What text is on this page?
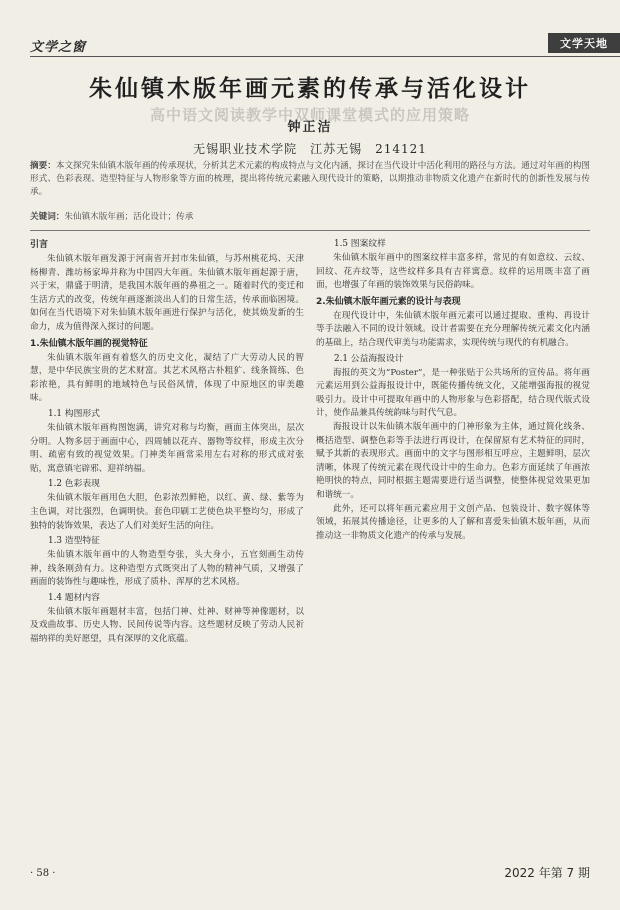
文学之窗	文学天地
朱仙镇木版年画元素的传承与活化设计
高中语文阅读教学中双师课堂模式的应用策略
钟正洁
无锡职业技术学院　江苏无锡　214121
摘要：本文探究朱仙镇木版年画的传承现状，分析其艺术元素的构成特点与文化内涵，探讨在当代设计中活化利用的路径与方法。通过对年画的构图形式、色彩表现、造型特征与人物形象等方面的梳理，提出将传统元素融入现代设计的策略，以期推动非物质文化遗产在新时代的创新性发展与传承。
关键词：朱仙镇木版年画；活化设计；传承
引言

朱仙镇木版年画发源于河南省开封市朱仙镇，与苏州桃花坞、天津杨柳青、潍坊杨家埠并称为中国四大年画。朱仙镇木版年画起源于唐，兴于宋，鼎盛于明清，是我国木版年画的鼻祖之一。随着时代的变迁和生活方式的改变，传统年画逐渐淡出人们的日常生活，传承面临困境。如何在当代语境下对朱仙镇木版年画进行保护与活化，使其焕发新的生命力，成为值得深入探讨的问题。

1.朱仙镇木版年画的视觉特征

朱仙镇木版年画有着悠久的历史文化，凝结了广大劳动人民的智慧，是中华民族宝贵的艺术财富。其艺术风格古朴粗犷、线条简练、色彩浓艳，具有鲜明的地域特色与民俗风情，体现了中原地区的审美趣味。

1.1 构图形式

朱仙镇木版年画构图饱满，讲究对称与均衡，画面主体突出，层次分明。人物多居于画面中心，四周辅以花卉、器物等纹样，形成主次分明、疏密有致的视觉效果。门神类年画常采用左右对称的形式成对张贴，寓意镇宅辟邪、迎祥纳福。

1.2 色彩表现

朱仙镇木版年画用色大胆，色彩浓烈鲜艳，以红、黄、绿、紫等为主色调，对比强烈，色调明快。套色印刷工艺使色块平整均匀，形成了独特的装饰效果，表达了人们对美好生活的向往。

1.3 造型特征

朱仙镇木版年画中的人物造型夸张，头大身小，五官刻画生动传神，线条刚劲有力。这种造型方式既突出了人物的精神气质，又增强了画面的装饰性与趣味性，形成了质朴、浑厚的艺术风格。

1.4 题材内容

朱仙镇木版年画题材丰富，包括门神、灶神、财神等神像题材，以及戏曲故事、历史人物、民间传说等内容。这些题材反映了劳动人民祈福纳祥的美好愿望，具有深厚的文化底蕴。

1.5 图案纹样

朱仙镇木版年画中的图案纹样丰富多样，常见的有如意纹、云纹、回纹、花卉纹等，这些纹样多具有吉祥寓意。纹样的运用既丰富了画面，也增强了年画的装饰效果与民俗韵味。

2.朱仙镇木版年画元素的设计与表现

在现代设计中，朱仙镇木版年画元素可以通过提取、重构、再设计等手法融入不同的设计领域。设计者需要在充分理解传统元素文化内涵的基础上，结合现代审美与功能需求，实现传统与现代的有机融合。

2.1 公益海报设计

海报的英文为“Poster”，是一种张贴于公共场所的宣传品。将年画元素运用到公益海报设计中，既能传播传统文化，又能增强海报的视觉吸引力。设计中可提取年画中的人物形象与色彩搭配，结合现代版式设计，使作品兼具传统韵味与时代气息。

海报设计以朱仙镇木版年画中的门神形象为主体，通过简化线条、概括造型、调整色彩等手法进行再设计，在保留原有艺术特征的同时，赋予其新的表现形式。画面中的文字与图形相互呼应，主题鲜明，层次清晰，体现了传统元素在现代设计中的生命力。色彩方面延续了年画浓艳明快的特点，同时根据主题需要进行适当调整，使整体视觉效果更加和谐统一。

此外，还可以将年画元素应用于文创产品、包装设计、数字媒体等领域，拓展其传播途径，让更多的人了解和喜爱朱仙镇木版年画，从而推动这一非物质文化遗产的传承与发展。

· 58 ·	2022 年第 7 期
